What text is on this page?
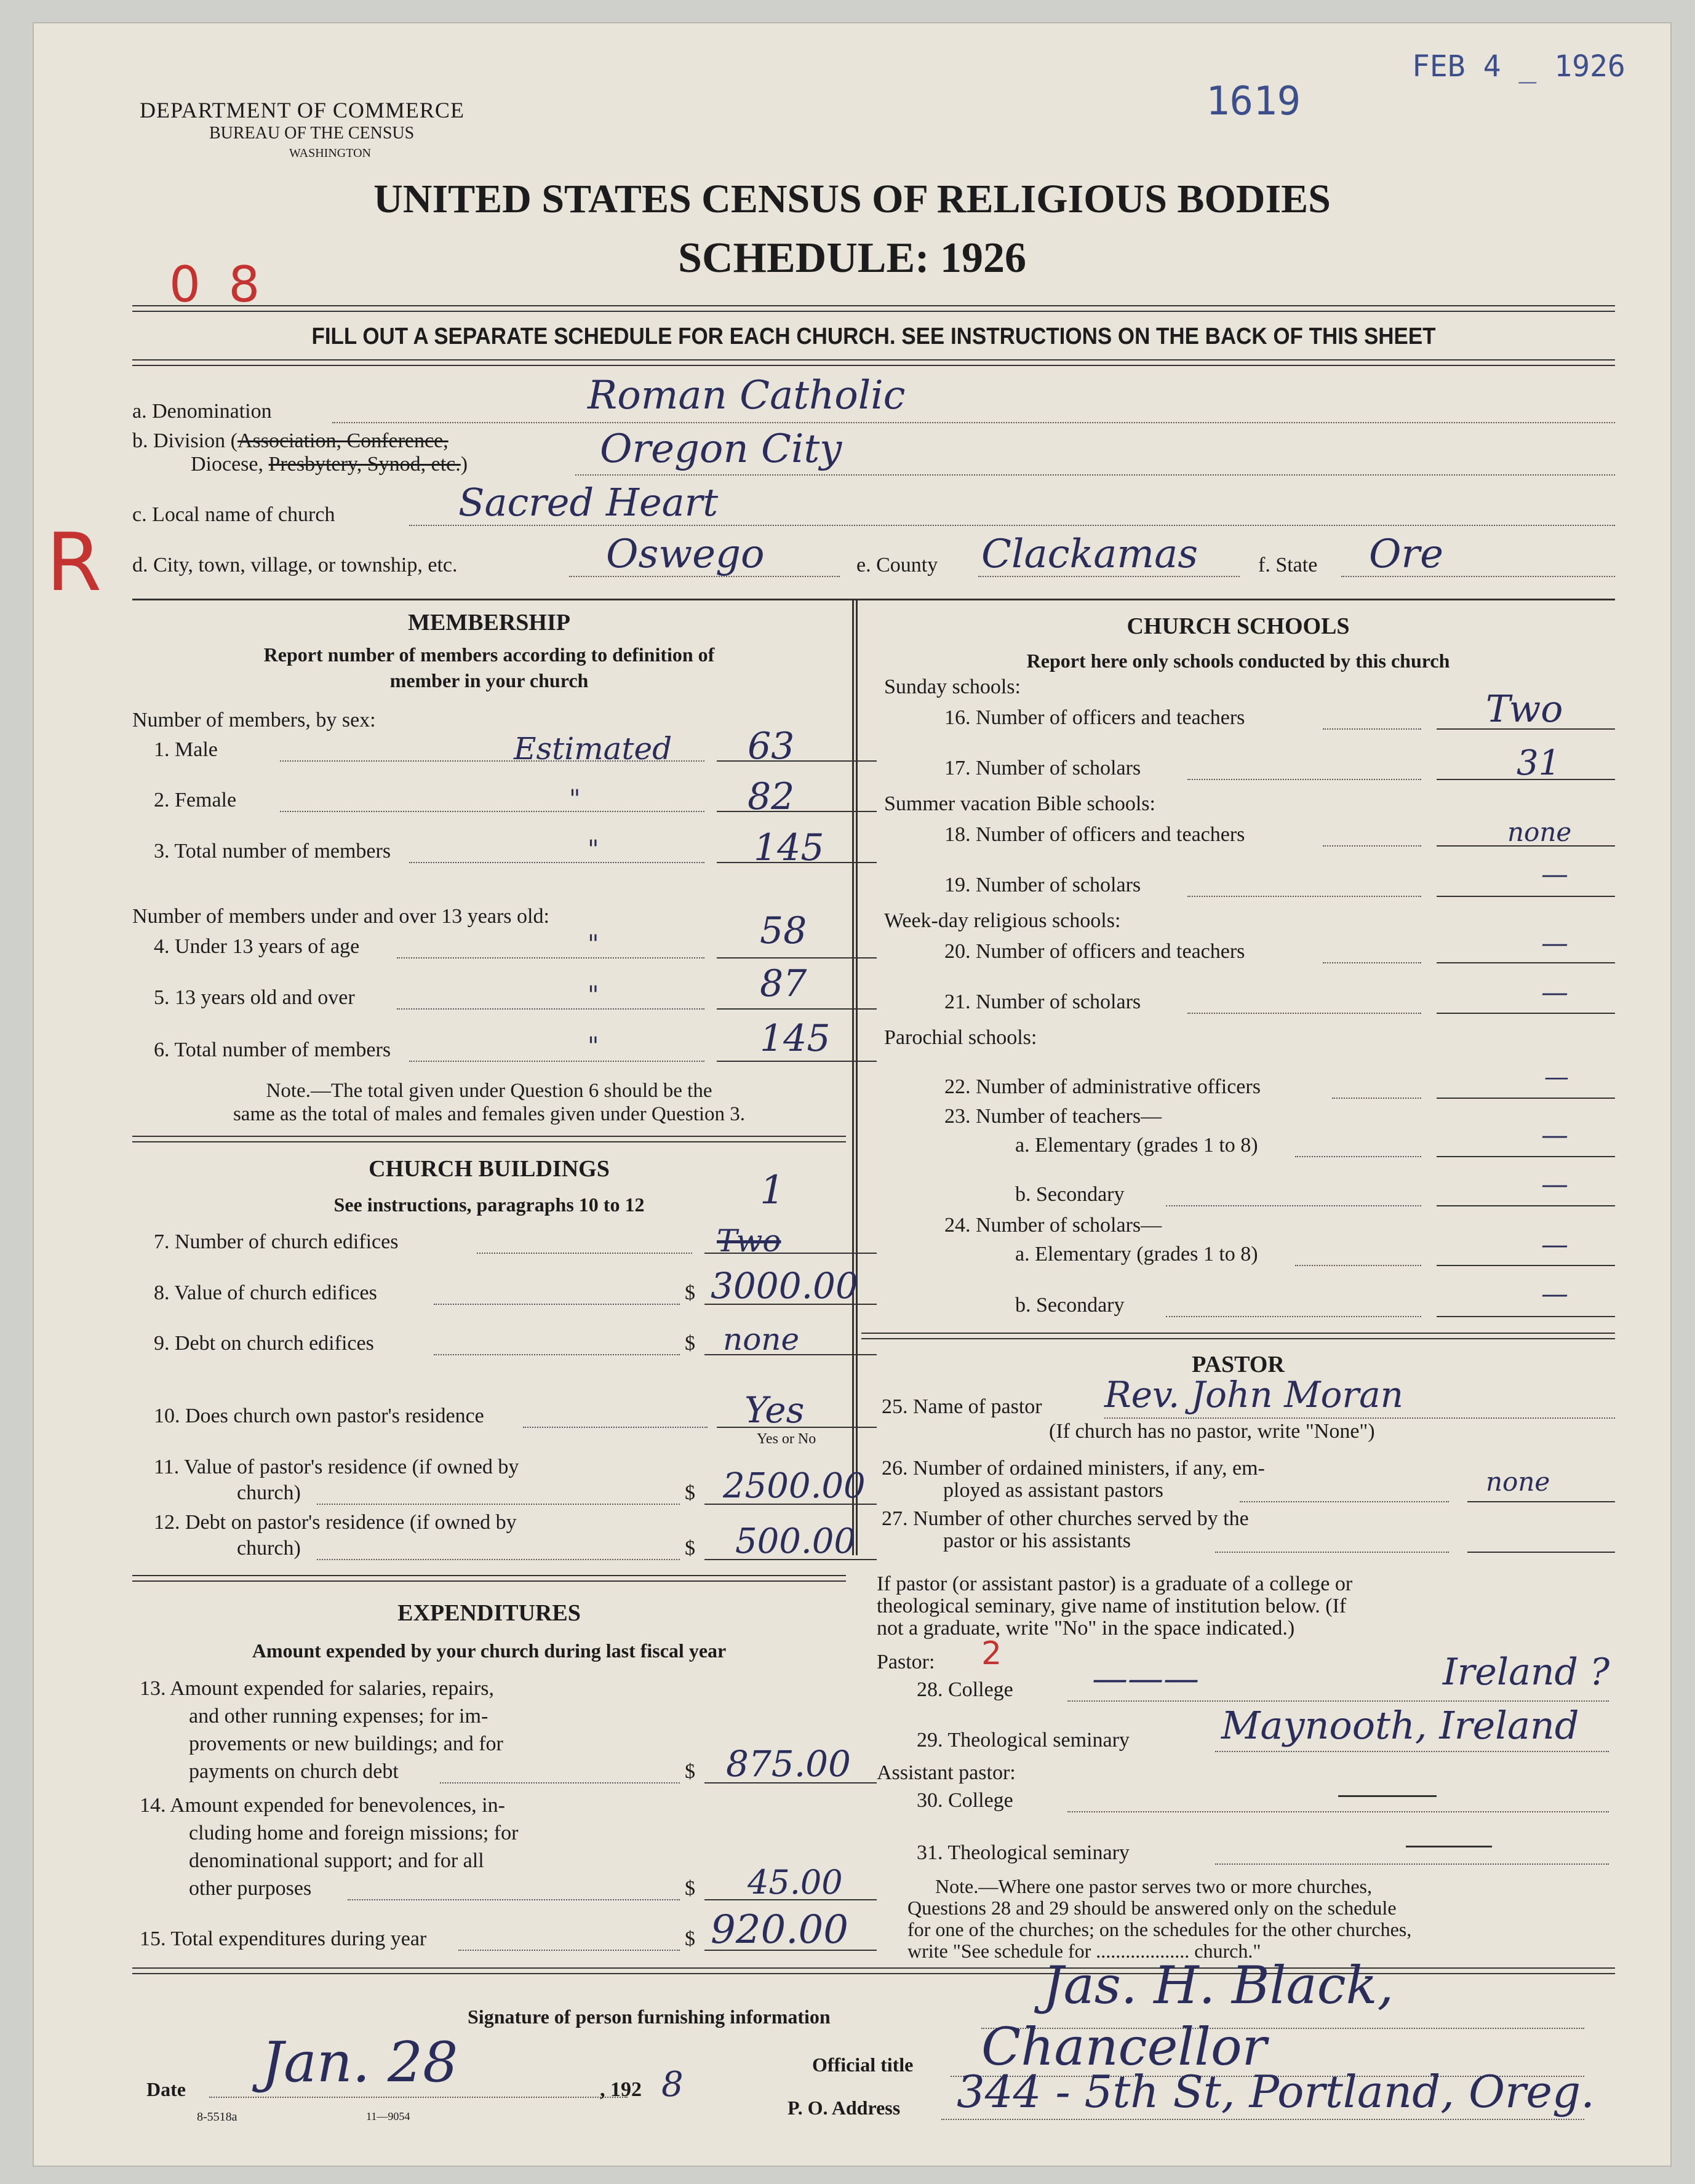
DEPARTMENT OF COMMERCE
BUREAU OF THE CENSUS
WASHINGTON
1619
FEB 4 _ 1926
UNITED STATES CENSUS OF RELIGIOUS BODIES
SCHEDULE: 1926
0 8
R
FILL OUT A SEPARATE SCHEDULE FOR EACH CHURCH. SEE INSTRUCTIONS ON THE BACK OF THIS SHEET
a. Denomination	Roman Catholic
b. Division (Association, Conference,
Diocese, Presbytery, Synod, etc.)	Oregon City
c. Local name of church	Sacred Heart
d. City, town, village, or township, etc.	Oswego	e. County Clackamas	f. State Ore
MEMBERSHIP
Report number of members according to definition of
member in your church
Number of members, by sex:
1. Male	Estimated 63
2. Female	"	82
3. Total number of members	"	145
Number of members under and over 13 years old:
4. Under 13 years of age	"	58
5. 13 years old and over	"	87
6. Total number of members	"	145
Note.—The total given under Question 6 should be the
same as the total of males and females given under Question 3.
CHURCH BUILDINGS
See instructions, paragraphs 10 to 12
7. Number of church edifices	Two
1
8. Value of church edifices	$ 3000.00
9. Debt on church edifices	$ none
10. Does church own pastor's residence	Yes
Yes or No
11. Value of pastor's residence (if owned by
church)	$ 2500.00
12. Debt on pastor's residence (if owned by
church)	$ 500.00
EXPENDITURES
Amount expended by your church during last fiscal year
13. Amount expended for salaries, repairs,
and other running expenses; for im-
provements or new buildings; and for
payments on church debt	$ 875.00
14. Amount expended for benevolences, in-
cluding home and foreign missions; for
denominational support; and for all
other purposes	$ 45.00
15. Total expenditures during year	$ 920.00
CHURCH SCHOOLS
Report here only schools conducted by this church
Sunday schools:
16. Number of officers and teachers	Two
17. Number of scholars	31
Summer vacation Bible schools:
18. Number of officers and teachers	none
19. Number of scholars	—
Week-day religious schools:
20. Number of officers and teachers	—
21. Number of scholars	—
Parochial schools:
22. Number of administrative officers	—
23. Number of teachers—
a. Elementary (grades 1 to 8)	—
b. Secondary	—
24. Number of scholars—
a. Elementary (grades 1 to 8)	—
b. Secondary	—
PASTOR
25. Name of pastor Rev. John Moran
(If church has no pastor, write "None")
26. Number of ordained ministers, if any, em-
ployed as assistant pastors	none
27. Number of other churches served by the
pastor or his assistants
If pastor (or assistant pastor) is a graduate of a college or
theological seminary, give name of institution below. (If
not a graduate, write "No" in the space indicated.)
Pastor: 2
28. College ———	Ireland ?
29. Theological seminary Maynooth, Ireland
Assistant pastor:
30. College
31. Theological seminary
Note.—Where one pastor serves two or more churches,
Questions 28 and 29 should be answered only on the schedule
for one of the churches; on the schedules for the other churches,
write "See schedule for ................... church."
Signature of person furnishing information
Jas. H. Black,
Official title Chancellor
Date Jan. 28	, 192 8
P. O. Address 344 - 5th St, Portland, Oreg.
8-5518a	11—9054
